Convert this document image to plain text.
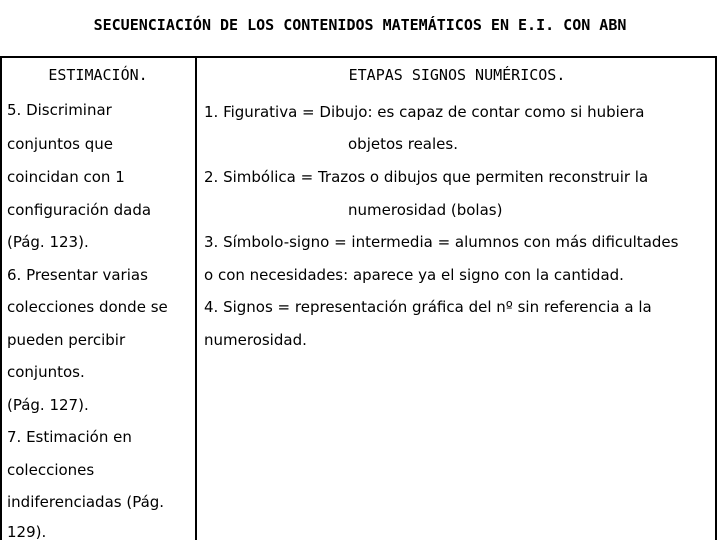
SECUENCIACIÓN DE LOS CONTENIDOS MATEMÁTICOS EN E.I. CON ABN
ESTIMACIÓN.	ETAPAS SIGNOS NUMÉRICOS.
5. Discriminar
conjuntos que
coincidan con 1
configuración dada
(Pág. 123).
6. Presentar varias
colecciones donde se
pueden percibir
conjuntos.
(Pág. 127).
7. Estimación en
colecciones
indiferenciadas (Pág.
129).
1. Figurativa = Dibujo: es capaz de contar como si hubiera
objetos reales.
2. Simbólica = Trazos o dibujos que permiten reconstruir la
numerosidad (bolas)
3. Símbolo-signo = intermedia = alumnos con más dificultades
o con necesidades: aparece ya el signo con la cantidad.
4. Signos = representación gráfica del nº sin referencia a la
numerosidad.
